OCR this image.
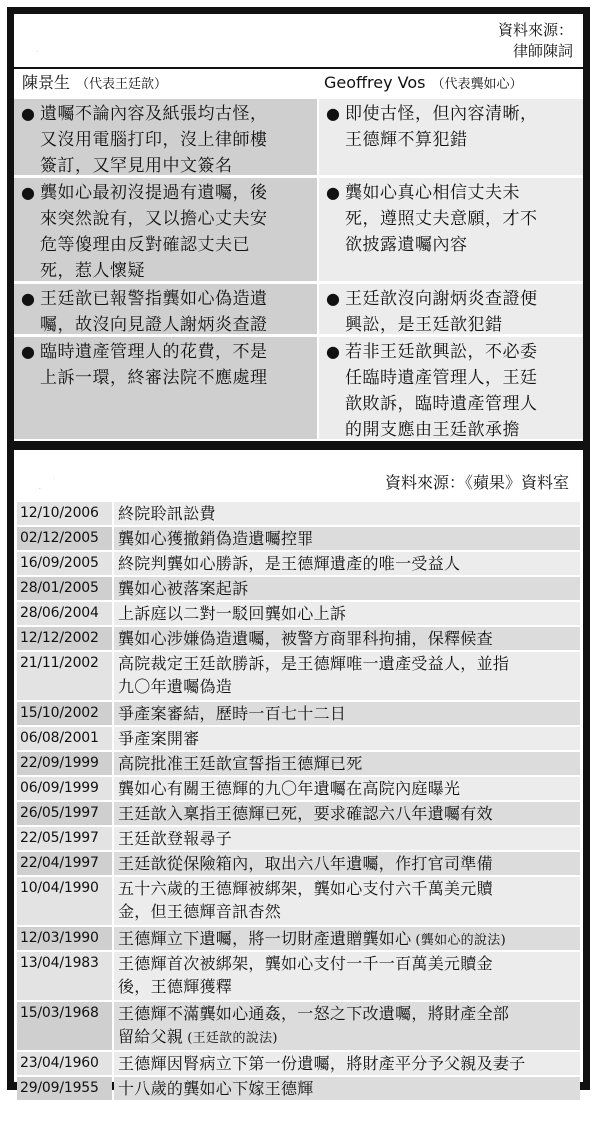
小甜甜案與訟雙方陳詞要點	資料來源：
律師陳詞
陳景生 （代表王廷歆）	Geoffrey Vos （代表龔如心）
● 遺囑不論內容及紙張均古怪，
又沒用電腦打印，沒上律師樓
簽訂，又罕見用中文簽名
● 即使古怪，但內容清晰，
王德輝不算犯錯
● 龔如心最初沒提過有遺囑，後
來突然說有，又以擔心丈夫安
危等傻理由反對確認丈夫已
死，惹人懷疑
● 龔如心真心相信丈夫未
死，遵照丈夫意願，才不
欲披露遺囑內容
● 王廷歆已報警指龔如心偽造遺
囑，故沒向見證人謝炳炎查證
● 王廷歆沒向謝炳炎查證便
興訟，是王廷歆犯錯
● 臨時遺產管理人的花費，不是
上訴一環，終審法院不應處理
● 若非王廷歆興訟，不必委
任臨時遺產管理人，王廷
歆敗訴，臨時遺產管理人
的開支應由王廷歆承擔
小甜甜事件簿	資料來源：《蘋果》資料室
12/10/2006	終院聆訊訟費
02/12/2005	龔如心獲撤銷偽造遺囑控罪
16/09/2005	終院判龔如心勝訴，是王德輝遺產的唯一受益人
28/01/2005	龔如心被落案起訴
28/06/2004	上訴庭以二對一駁回龔如心上訴
12/12/2002	龔如心涉嫌偽造遺囑，被警方商罪科拘捕，保釋候查
21/11/2002	高院裁定王廷歆勝訴，是王德輝唯一遺產受益人，並指
九〇年遺囑偽造
15/10/2002	爭產案審結，歷時一百七十二日
06/08/2001	爭產案開審
22/09/1999	高院批准王廷歆宣誓指王德輝已死
06/09/1999	龔如心有關王德輝的九〇年遺囑在高院內庭曝光
26/05/1997	王廷歆入稟指王德輝已死，要求確認六八年遺囑有效
22/05/1997	王廷歆登報尋子
22/04/1997	王廷歆從保險箱內，取出六八年遺囑，作打官司準備
10/04/1990	五十六歲的王德輝被綁架，龔如心支付六千萬美元贖
金，但王德輝音訊杳然
12/03/1990	王德輝立下遺囑，將一切財產遺贈龔如心 (龔如心的說法)
13/04/1983	王德輝首次被綁架，龔如心支付一千一百萬美元贖金
後，王德輝獲釋
15/03/1968	王德輝不滿龔如心通姦，一怒之下改遺囑，將財產全部
留給父親 (王廷歆的說法)
23/04/1960	王德輝因腎病立下第一份遺囑，將財產平分予父親及妻子
29/09/1955	十八歲的龔如心下嫁王德輝
